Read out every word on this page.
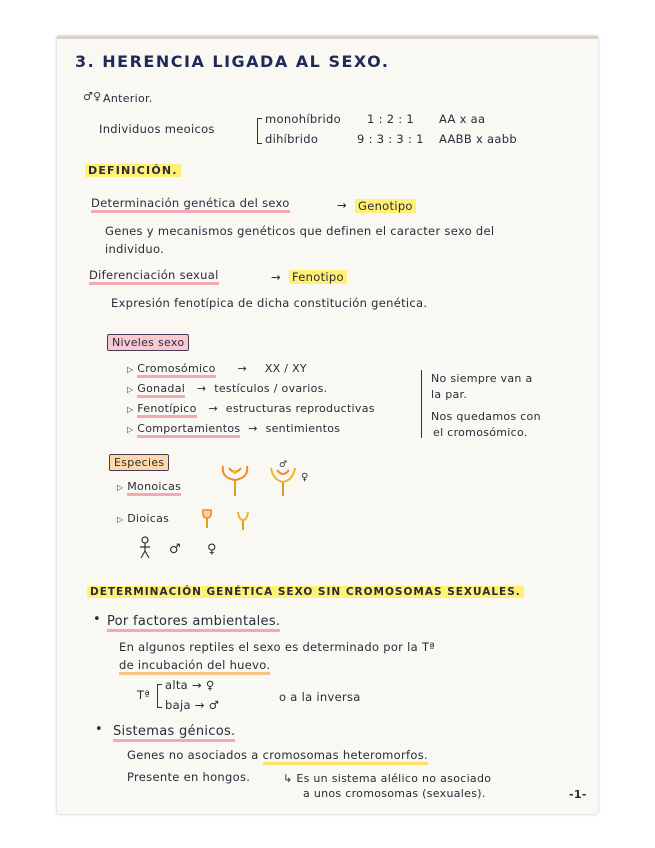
3. HERENCIA LIGADA AL SEXO.
♂♀ Anterior.
Individuos meoicos
monohíbrido 1 : 2 : 1 AA x aa
dihíbrido	9 : 3 : 3 : 1 AABB x aabb
DEFINICIÓN.
Determinación genética del sexo	→ Genotipo
Genes y mecanismos genéticos que definen el caracter sexo del
individuo.
Diferenciación sexual	→ Fenotipo
Expresión fenotípica de dicha constitución genética.
Niveles sexo
▷ Cromosómico → XX / XY
▷ Gonadal → testículos / ovarios.
▷ Fenotípico → estructuras reproductivas
▷ Comportamientos → sentimientos
No siempre van a
la par.
Nos quedamos con
el cromosómico.
Especies
▷ Monoicas
▷ Dioicas
♂
♀
♂ ♀
DETERMINACIÓN GENÉTICA SEXO SIN CROMOSOMAS SEXUALES.
• Por factores ambientales.
En algunos reptiles el sexo es determinado por la Tª
de incubación del huevo.
Tª
alta → ♀
baja → ♂
o a la inversa
• Sistemas génicos.
Genes no asociados a cromosomas heteromorfos.
Presente en hongos.	↳ Es un sistema alélico no asociado
a unos cromosomas (sexuales).	-1-
